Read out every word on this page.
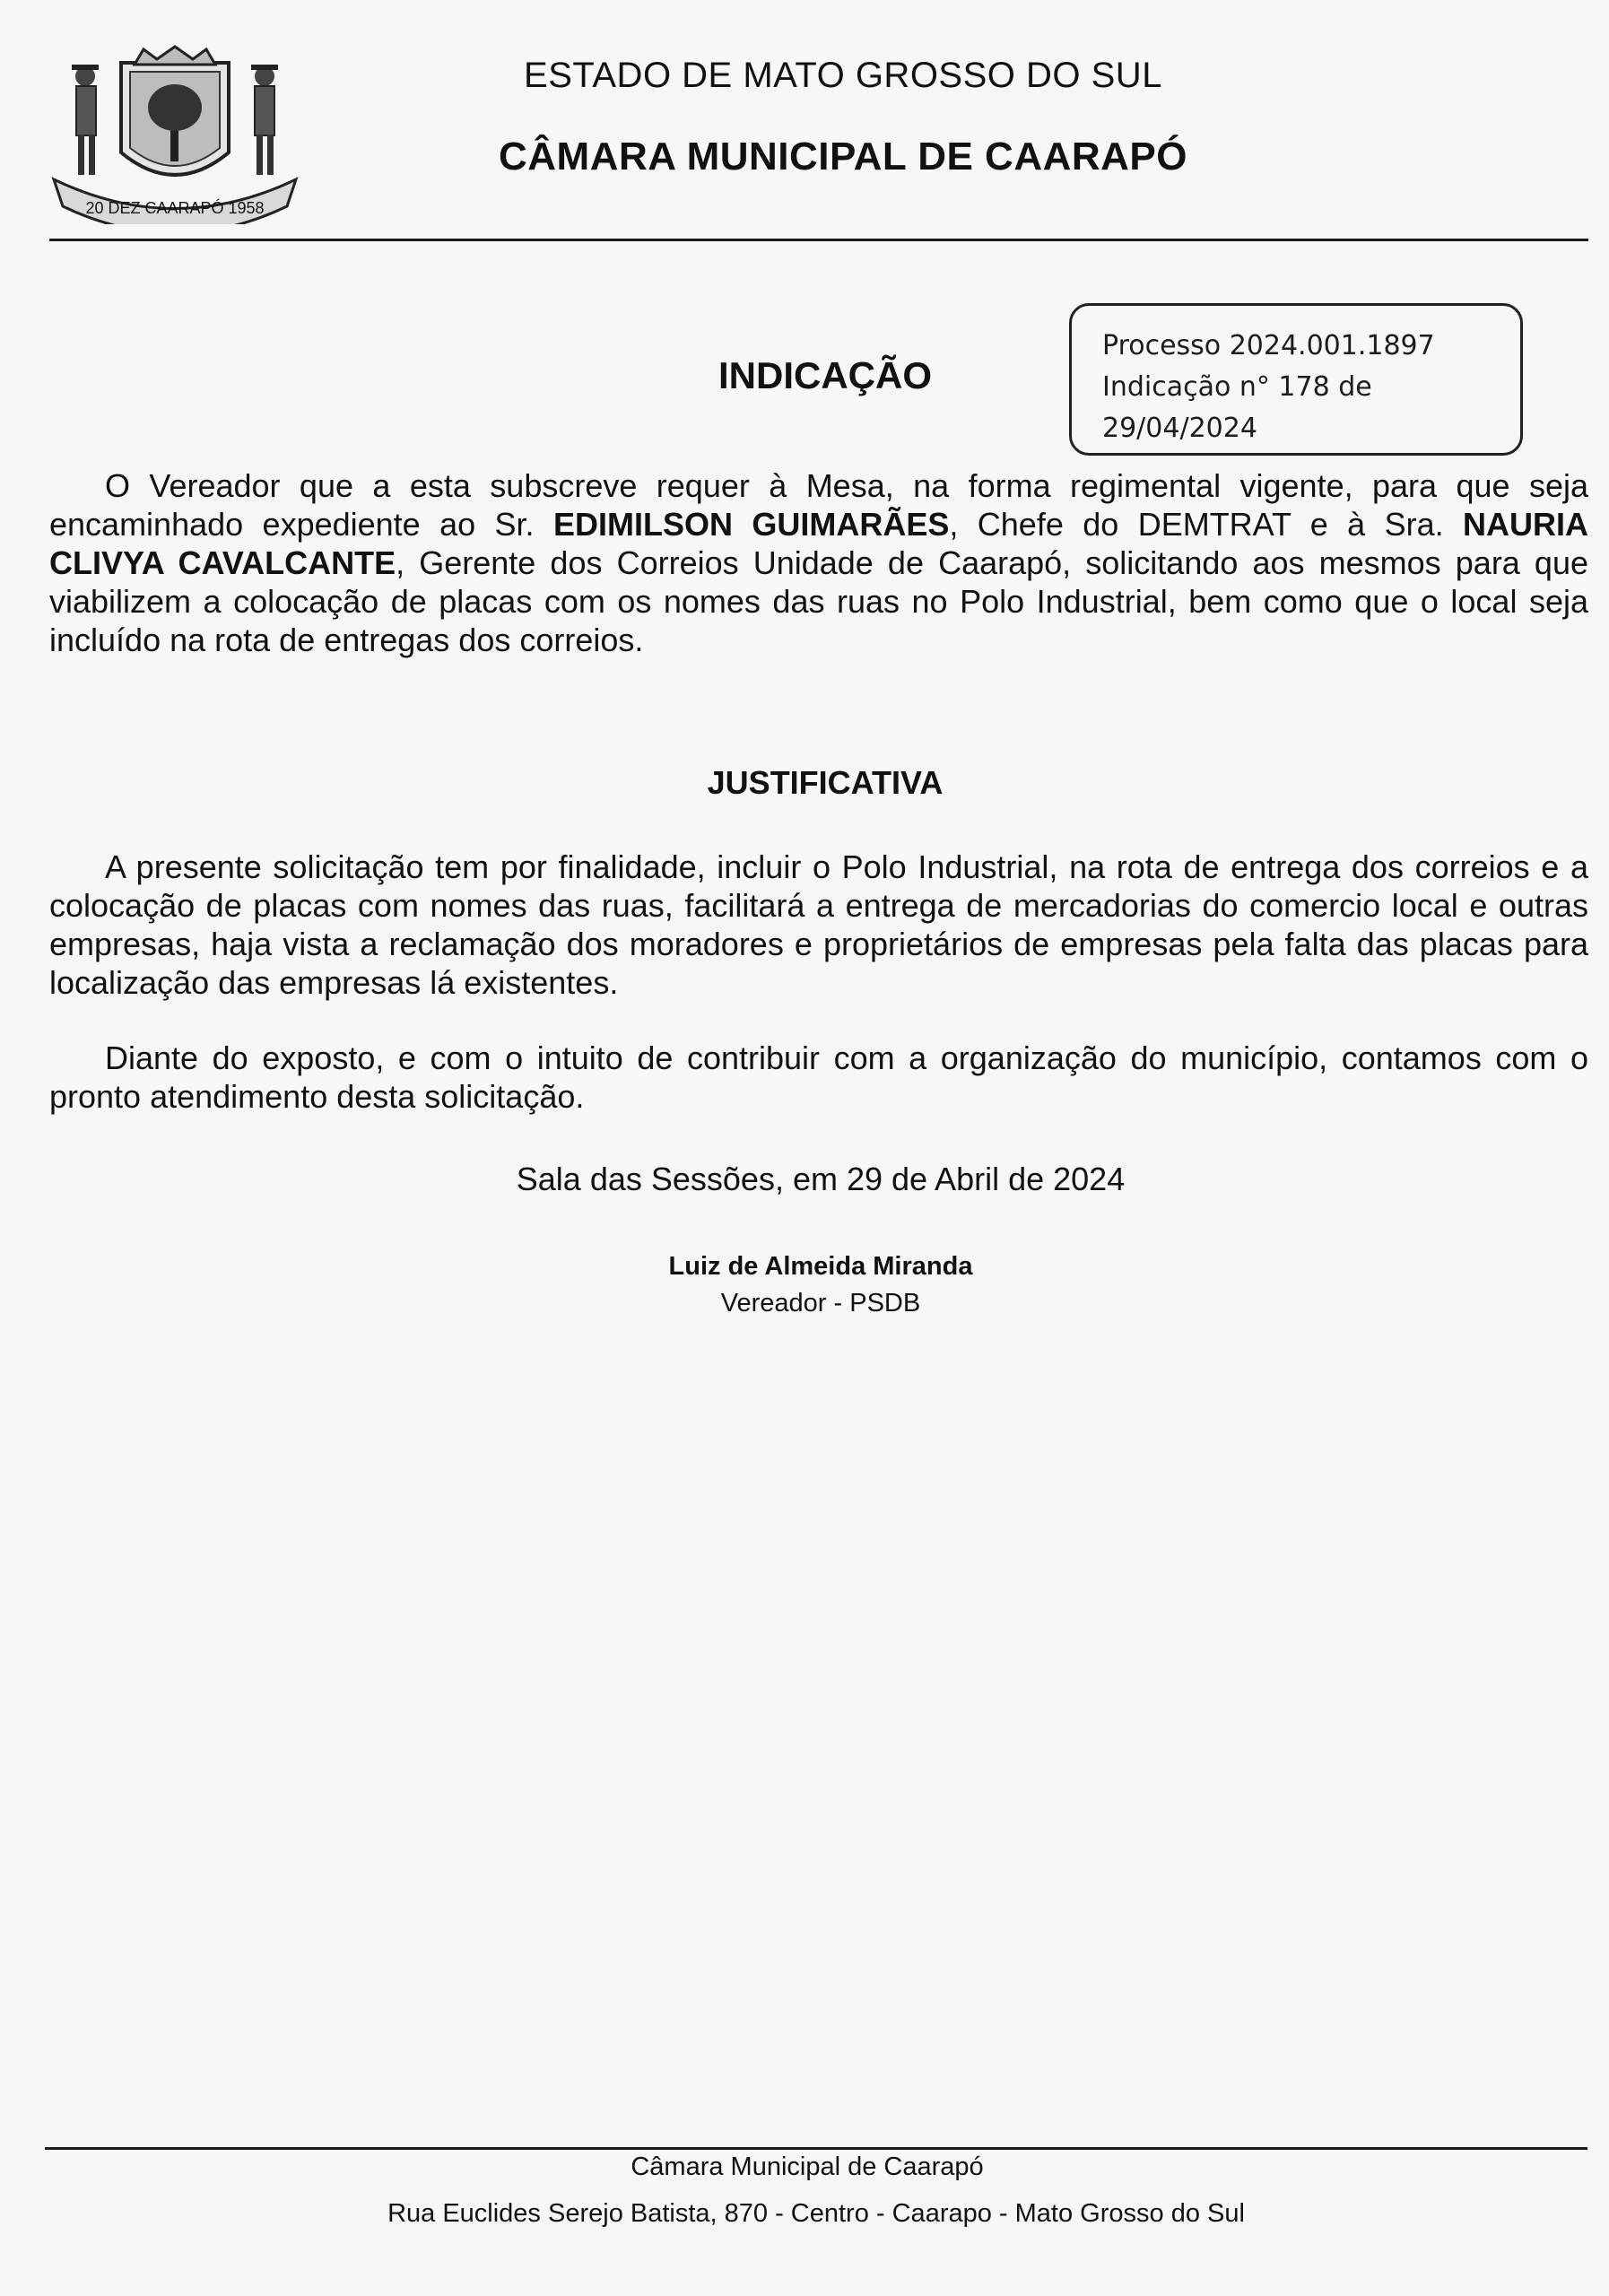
20 DEZ CAARAPÓ 1958
ESTADO DE MATO GROSSO DO SUL
CÂMARA MUNICIPAL DE CAARAPÓ
INDICAÇÃO
Processo 2024.001.1897
Indicação n° 178 de
29/04/2024
O Vereador que a esta subscreve requer à Mesa, na forma regimental vigente, para que seja encaminhado expediente ao Sr. EDIMILSON GUIMARÃES, Chefe do DEMTRAT e à Sra. NAURIA CLIVYA CAVALCANTE, Gerente dos Correios Unidade de Caarapó, solicitando aos mesmos para que viabilizem a colocação de placas com os nomes das ruas no Polo Industrial, bem como que o local seja incluído na rota de entregas dos correios.
JUSTIFICATIVA
A presente solicitação tem por finalidade, incluir o Polo Industrial, na rota de entrega dos correios e a colocação de placas com nomes das ruas, facilitará a entrega de mercadorias do comercio local e outras empresas, haja vista a reclamação dos moradores e proprietários de empresas pela falta das placas para localização das empresas lá existentes.
Diante do exposto, e com o intuito de contribuir com a organização do município, contamos com o pronto atendimento desta solicitação.
Sala das Sessões, em 29 de Abril de 2024
Luiz de Almeida Miranda
Vereador - PSDB
Câmara Municipal de Caarapó
Rua Euclides Serejo Batista, 870 - Centro - Caarapo - Mato Grosso do Sul
